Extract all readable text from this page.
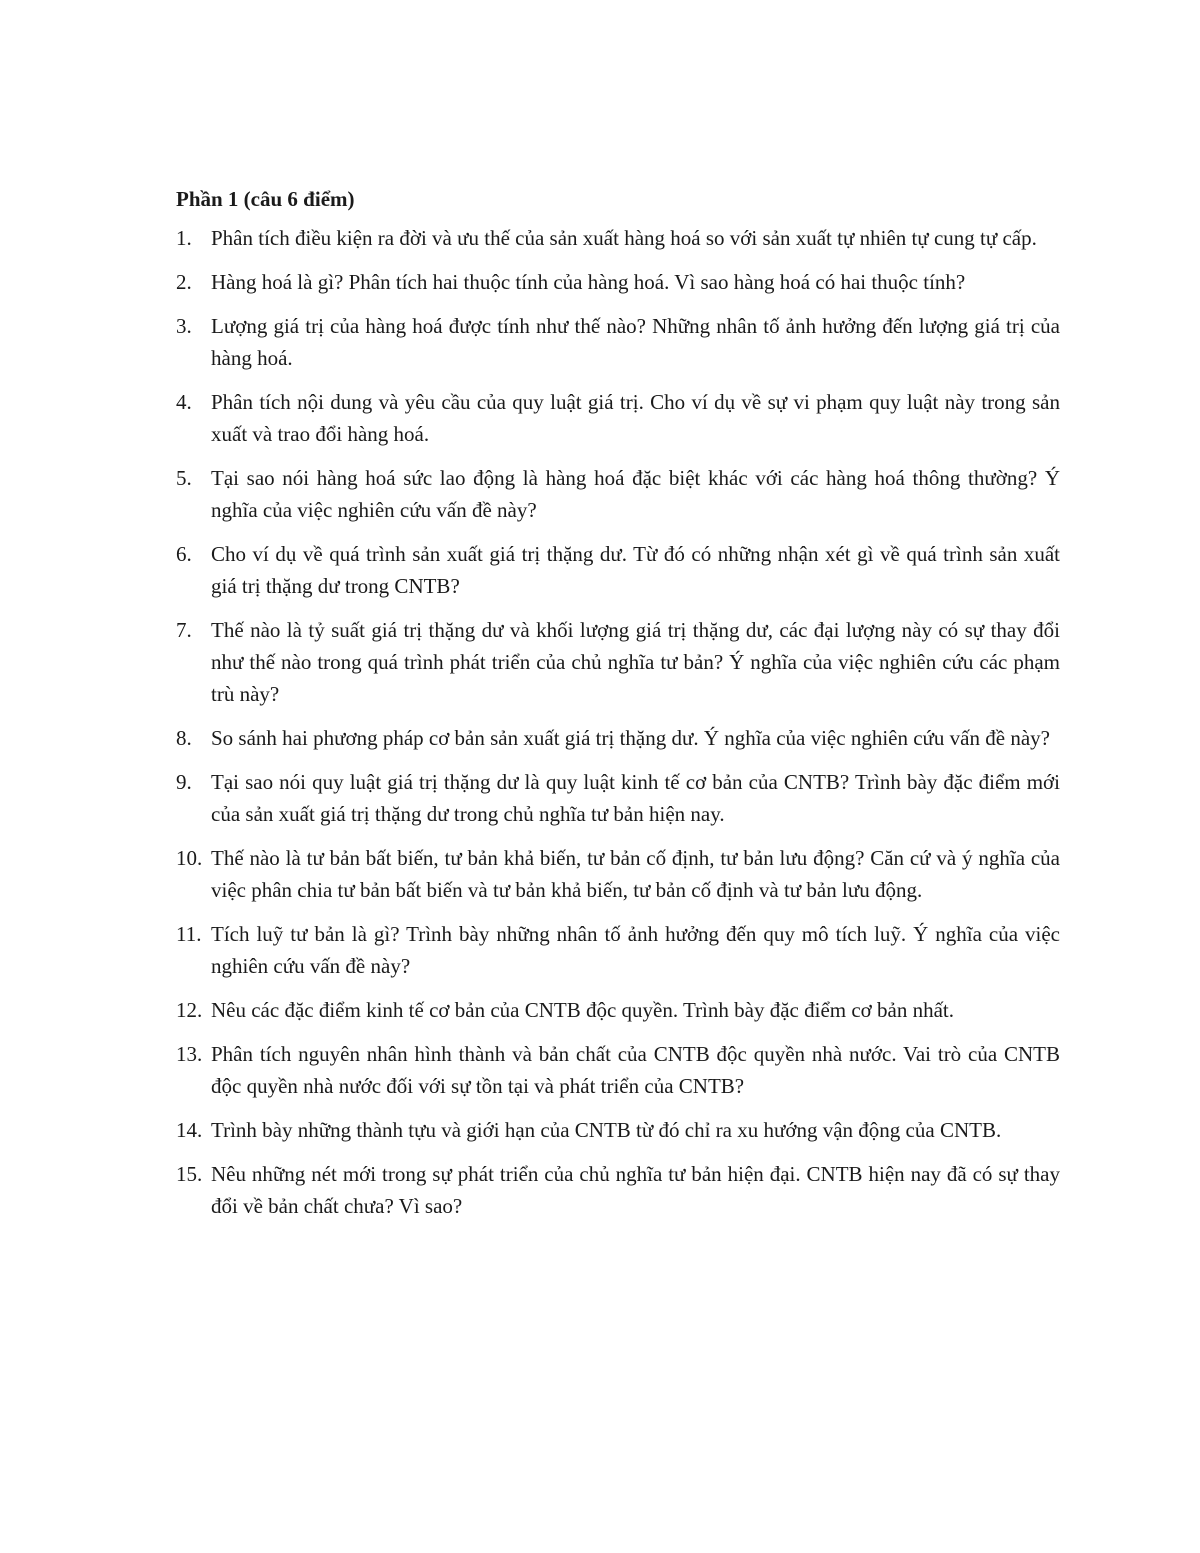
Phần 1 (câu 6 điểm)
1. Phân tích điều kiện ra đời và ưu thế của sản xuất hàng hoá so với sản xuất tự nhiên tự cung tự cấp.
2. Hàng hoá là gì? Phân tích hai thuộc tính của hàng hoá. Vì sao hàng hoá có hai thuộc tính?
3. Lượng giá trị của hàng hoá được tính như thế nào? Những nhân tố ảnh hưởng đến lượng giá trị của hàng hoá.
4. Phân tích nội dung và yêu cầu của quy luật giá trị. Cho ví dụ về sự vi phạm quy luật này trong sản xuất và trao đổi hàng hoá.
5. Tại sao nói hàng hoá sức lao động là hàng hoá đặc biệt khác với các hàng hoá thông thường? Ý nghĩa của việc nghiên cứu vấn đề này?
6. Cho ví dụ về quá trình sản xuất giá trị thặng dư. Từ đó có những nhận xét gì về quá trình sản xuất giá trị thặng dư trong CNTB?
7. Thế nào là tỷ suất giá trị thặng dư và khối lượng giá trị thặng dư, các đại lượng này có sự thay đổi như thế nào trong quá trình phát triển của chủ nghĩa tư bản? Ý nghĩa của việc nghiên cứu các phạm trù này?
8. So sánh hai phương pháp cơ bản sản xuất giá trị thặng dư. Ý nghĩa của việc nghiên cứu vấn đề này?
9. Tại sao nói quy luật giá trị thặng dư là quy luật kinh tế cơ bản của CNTB? Trình bày đặc điểm mới của sản xuất giá trị thặng dư trong chủ nghĩa tư bản hiện nay.
10. Thế nào là tư bản bất biến, tư bản khả biến, tư bản cố định, tư bản lưu động? Căn cứ và ý nghĩa của việc phân chia tư bản bất biến và tư bản khả biến, tư bản cố định và tư bản lưu động.
11. Tích luỹ tư bản là gì? Trình bày những nhân tố ảnh hưởng đến quy mô tích luỹ. Ý nghĩa của việc nghiên cứu vấn đề này?
12. Nêu các đặc điểm kinh tế cơ bản của CNTB độc quyền. Trình bày đặc điểm cơ bản nhất.
13. Phân tích nguyên nhân hình thành và bản chất của CNTB độc quyền nhà nước. Vai trò của CNTB độc quyền nhà nước đối với sự tồn tại và phát triển của CNTB?
14. Trình bày những thành tựu và giới hạn của CNTB từ đó chỉ ra xu hướng vận động của CNTB.
15. Nêu những nét mới trong sự phát triển của chủ nghĩa tư bản hiện đại. CNTB hiện nay đã có sự thay đổi về bản chất chưa? Vì sao?
